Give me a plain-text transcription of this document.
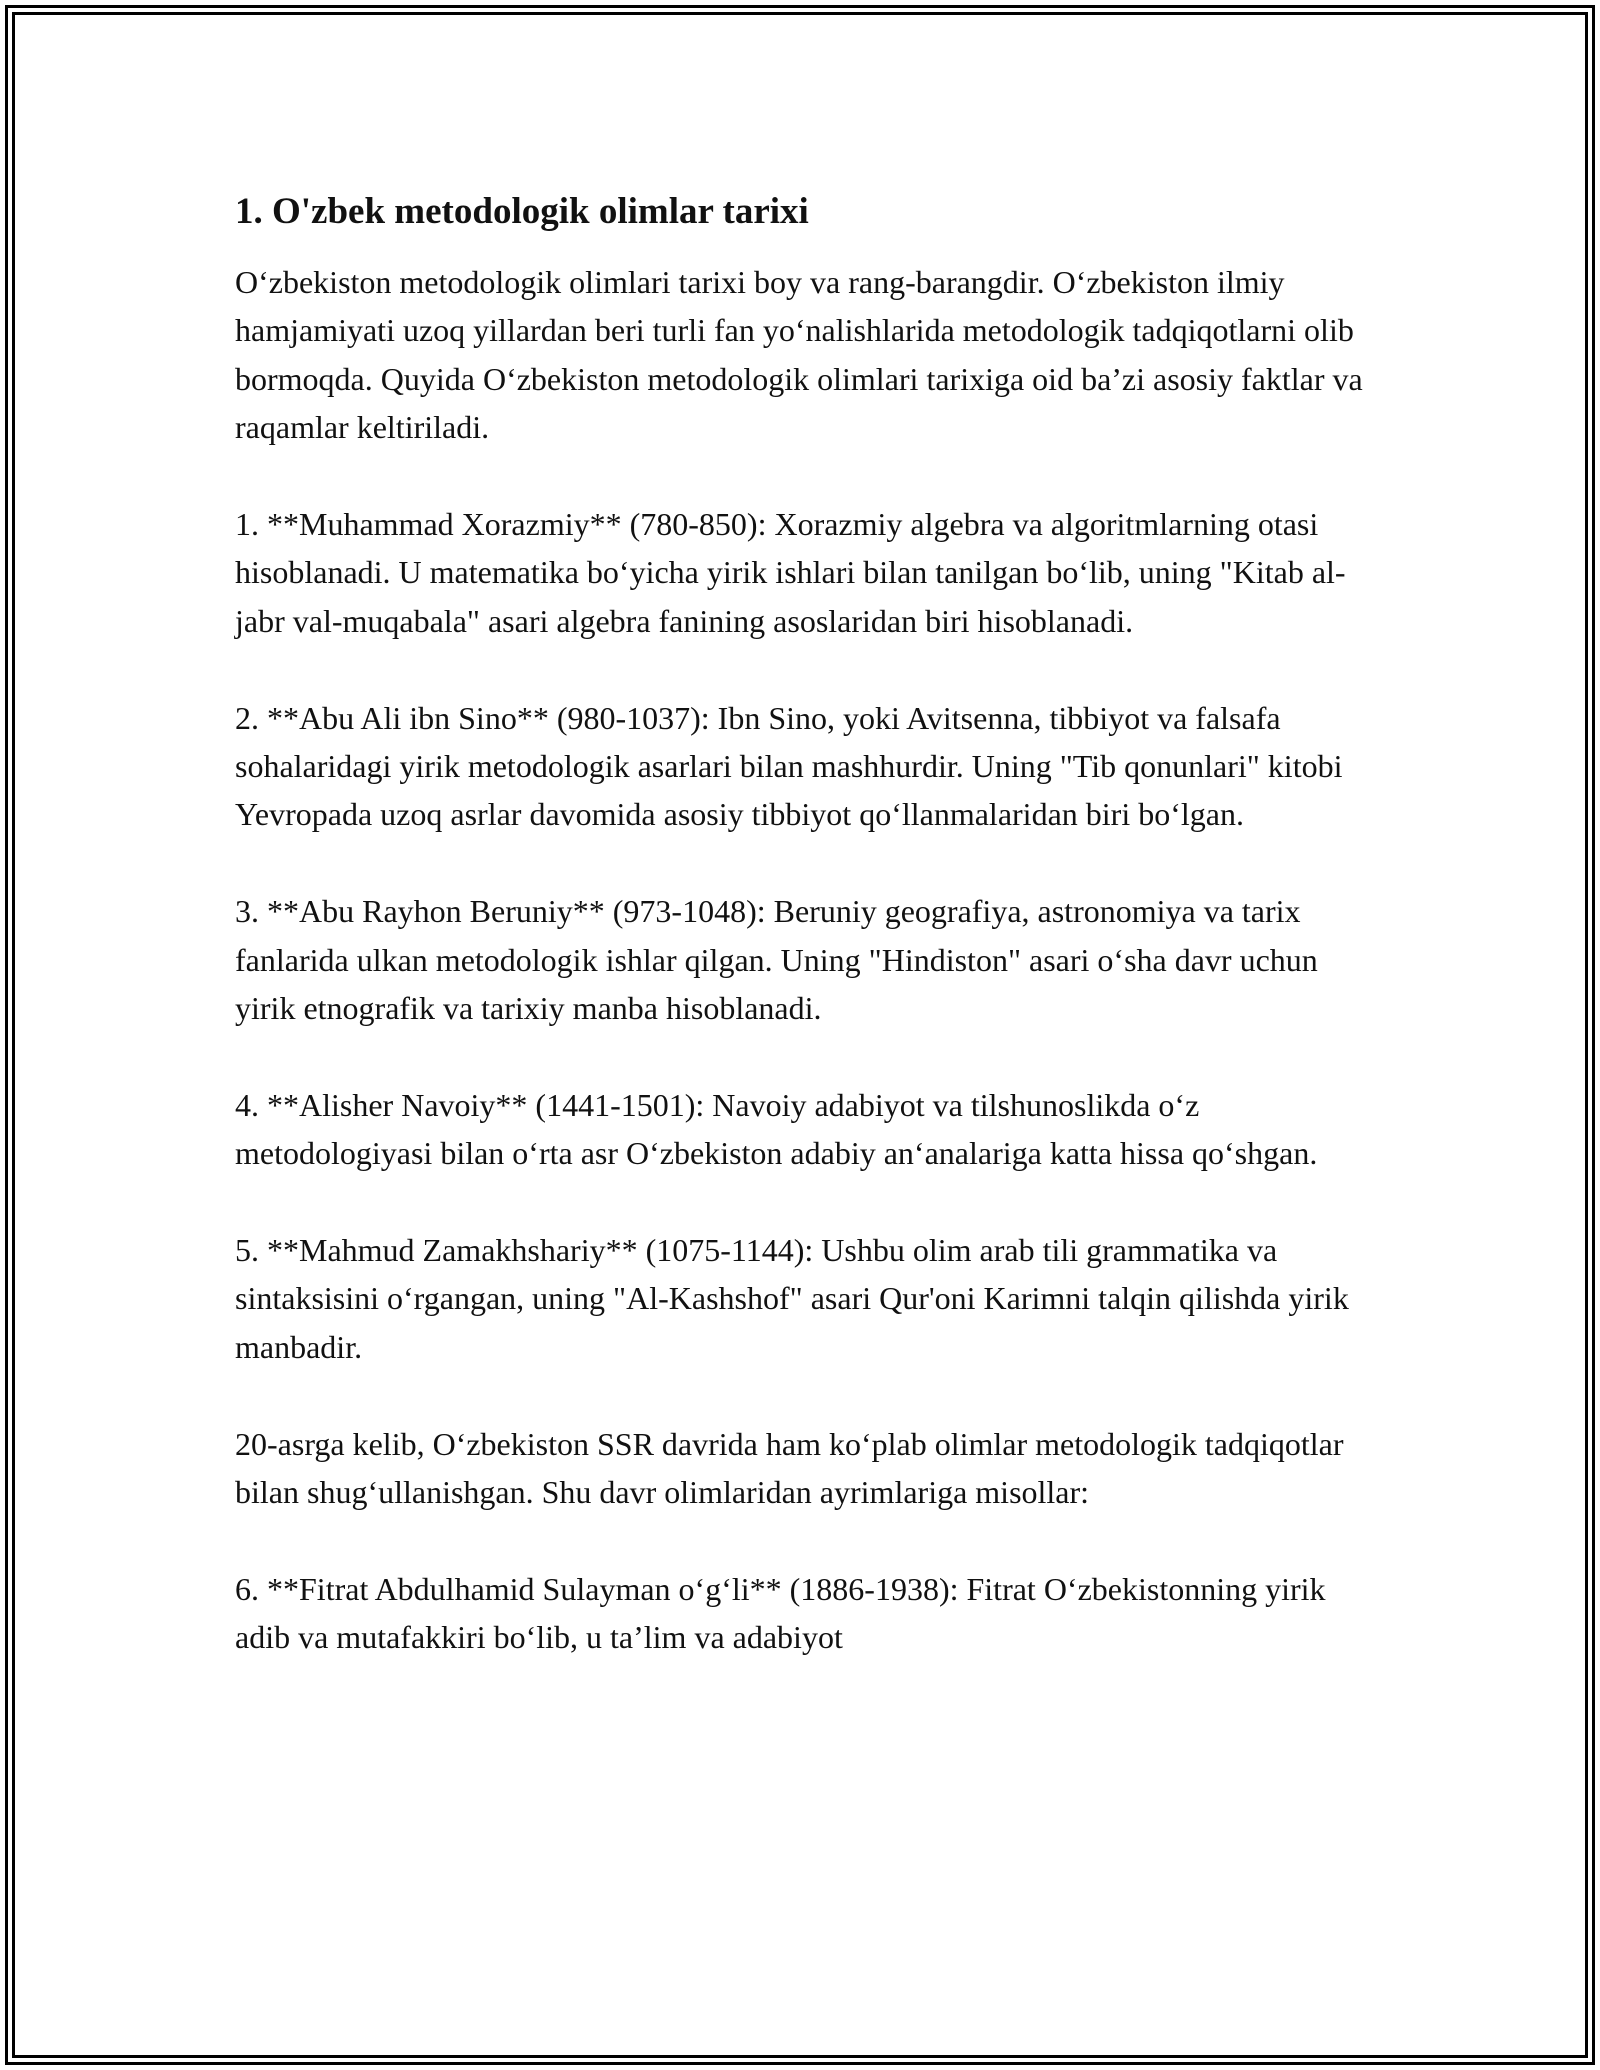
1. O'zbek metodologik olimlar tarixi

O‘zbekiston metodologik olimlari tarixi boy va rang-barangdir. O‘zbekiston ilmiy hamjamiyati uzoq yillardan beri turli fan yo‘nalishlarida metodologik tadqiqotlarni olib bormoqda. Quyida O‘zbekiston metodologik olimlari tarixiga oid ba’zi asosiy faktlar va raqamlar keltiriladi.

1. **Muhammad Xorazmiy** (780-850): Xorazmiy algebra va algoritmlarning otasi hisoblanadi. U matematika bo‘yicha yirik ishlari bilan tanilgan bo‘lib, uning "Kitab al-jabr val-muqabala" asari algebra fanining asoslaridan biri hisoblanadi.

2. **Abu Ali ibn Sino** (980-1037): Ibn Sino, yoki Avitsenna, tibbiyot va falsafa sohalaridagi yirik metodologik asarlari bilan mashhurdir. Uning "Tib qonunlari" kitobi Yevropada uzoq asrlar davomida asosiy tibbiyot qo‘llanmalaridan biri bo‘lgan.

3. **Abu Rayhon Beruniy** (973-1048): Beruniy geografiya, astronomiya va tarix fanlarida ulkan metodologik ishlar qilgan. Uning "Hindiston" asari o‘sha davr uchun yirik etnografik va tarixiy manba hisoblanadi.

4. **Alisher Navoiy** (1441-1501): Navoiy adabiyot va tilshunoslikda o‘z metodologiyasi bilan o‘rta asr O‘zbekiston adabiy an‘analariga katta hissa qo‘shgan.

5. **Mahmud Zamakhshariy** (1075-1144): Ushbu olim arab tili grammatika va sintaksisini o‘rgangan, uning "Al-Kashshof" asari Qur'oni Karimni talqin qilishda yirik manbadir.

20-asrga kelib, O‘zbekiston SSR davrida ham ko‘plab olimlar metodologik tadqiqotlar bilan shug‘ullanishgan. Shu davr olimlaridan ayrimlariga misollar:

6. **Fitrat Abdulhamid Sulayman o‘g‘li** (1886-1938): Fitrat O‘zbekistonning yirik adib va mutafakkiri bo‘lib, u ta’lim va adabiyot
